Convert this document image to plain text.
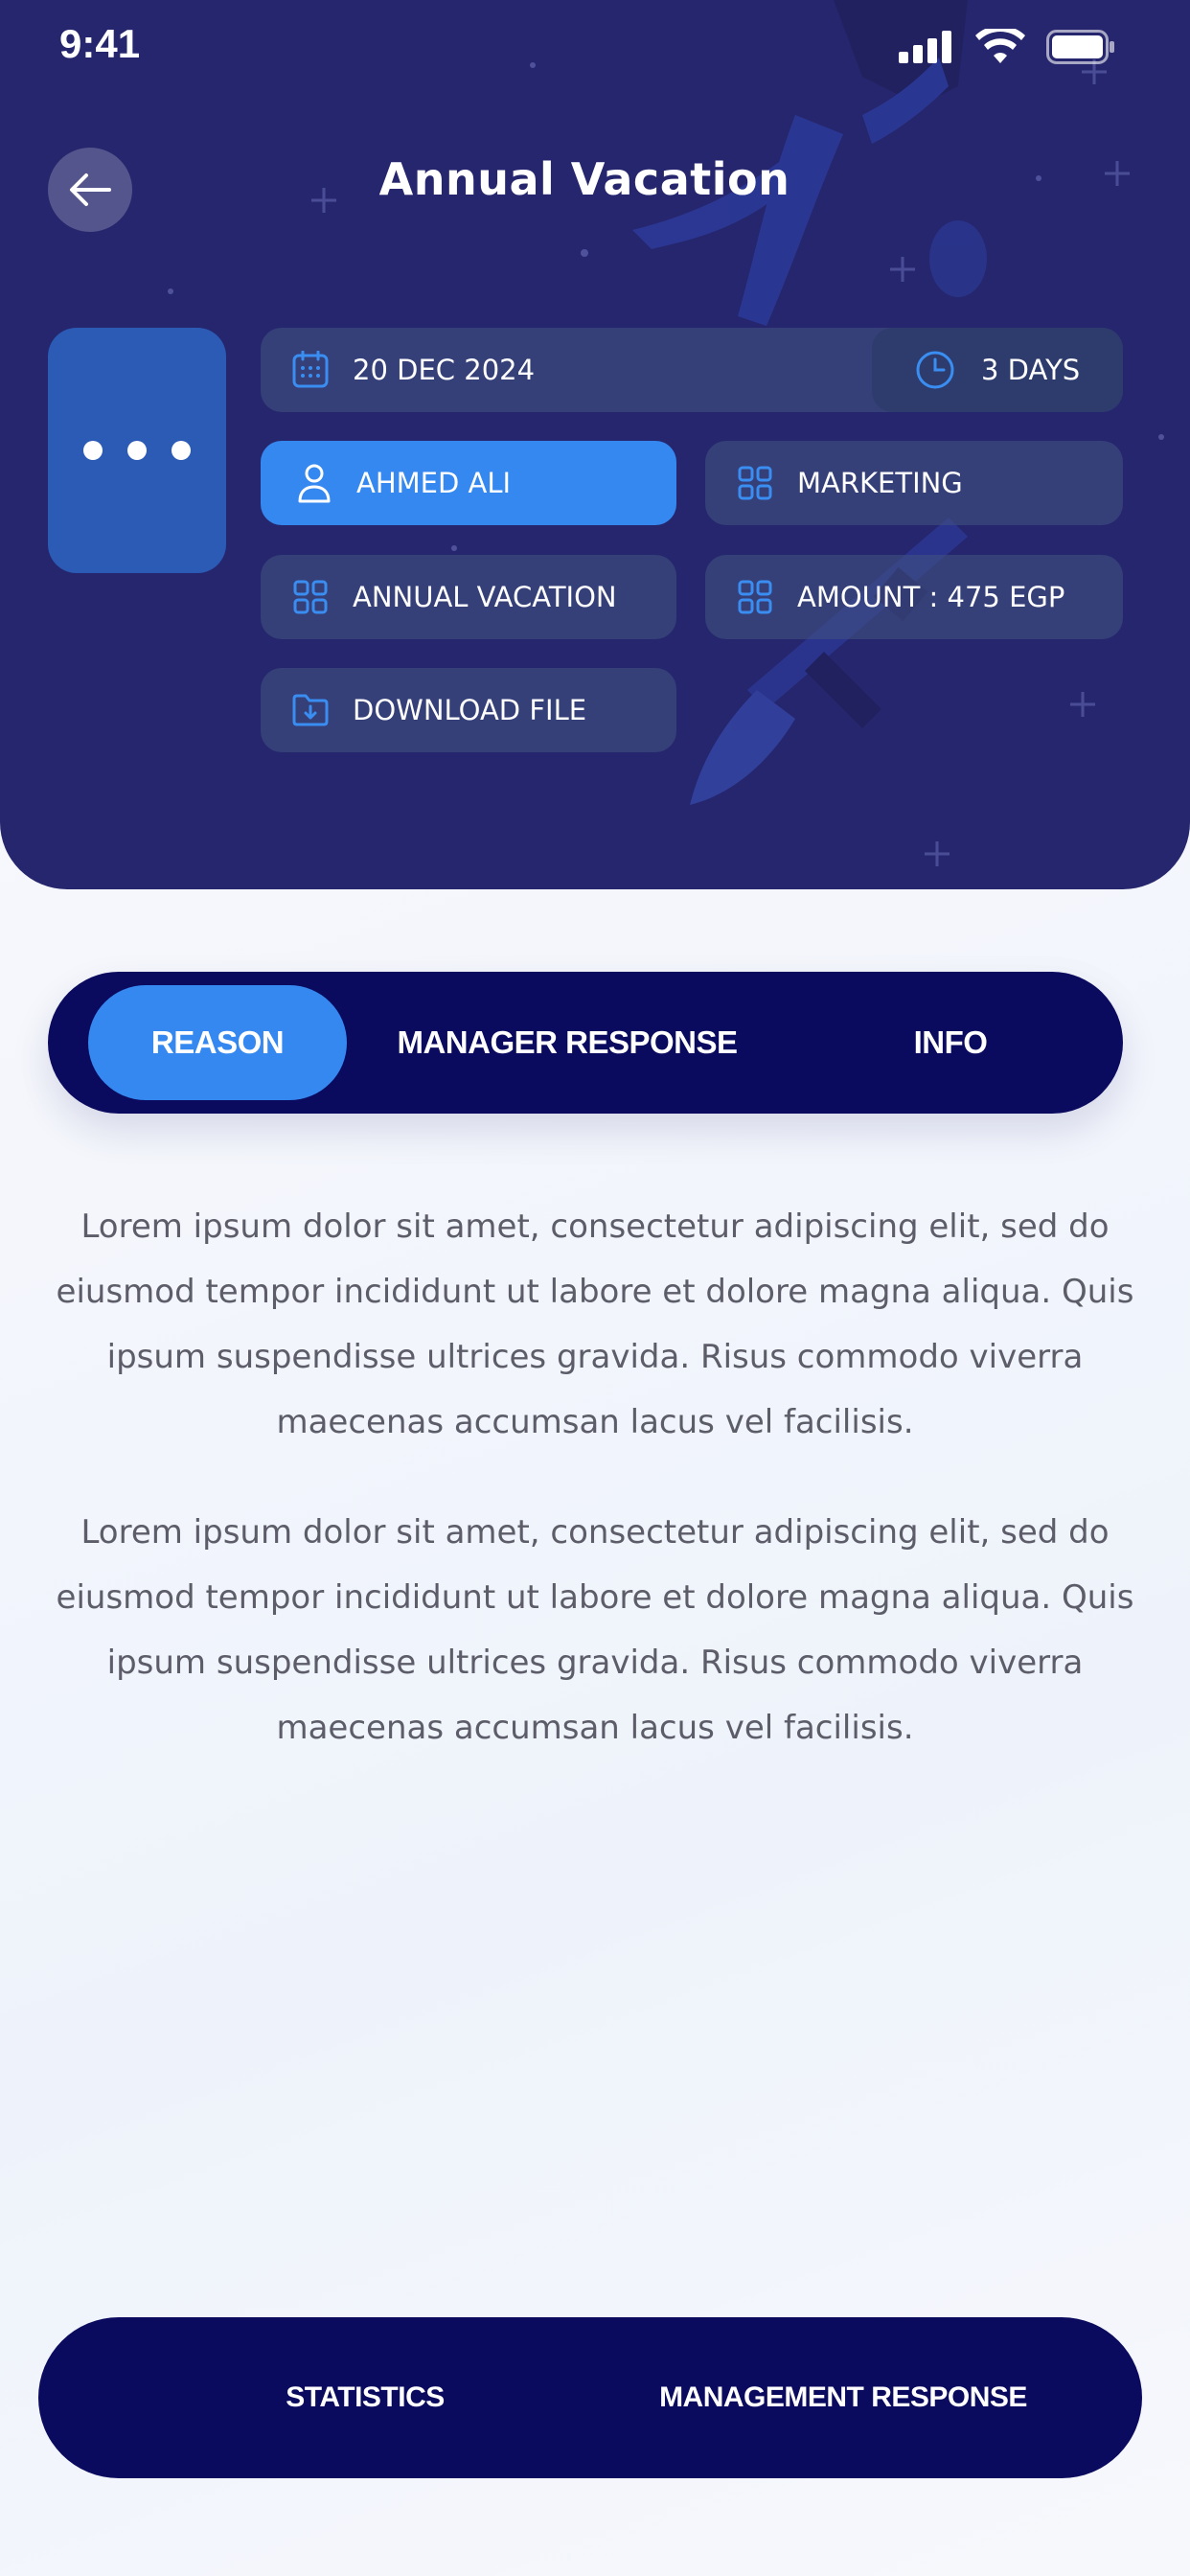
9:41
Annual Vacation
20 DEC 2024	3 DAYS
AHMED ALI	MARKETING
ANNUAL VACATION	AMOUNT : 475 EGP
DOWNLOAD FILE
REASON	MANAGER RESPONSE	INFO

Lorem ipsum dolor sit amet, consectetur adipiscing elit, sed do eiusmod tempor incididunt ut labore et dolore magna aliqua. Quis ipsum suspendisse ultrices gravida. Risus commodo viverra maecenas accumsan lacus vel facilisis.

Lorem ipsum dolor sit amet, consectetur adipiscing elit, sed do eiusmod tempor incididunt ut labore et dolore magna aliqua. Quis ipsum suspendisse ultrices gravida. Risus commodo viverra maecenas accumsan lacus vel facilisis.

STATISTICS	MANAGEMENT RESPONSE
